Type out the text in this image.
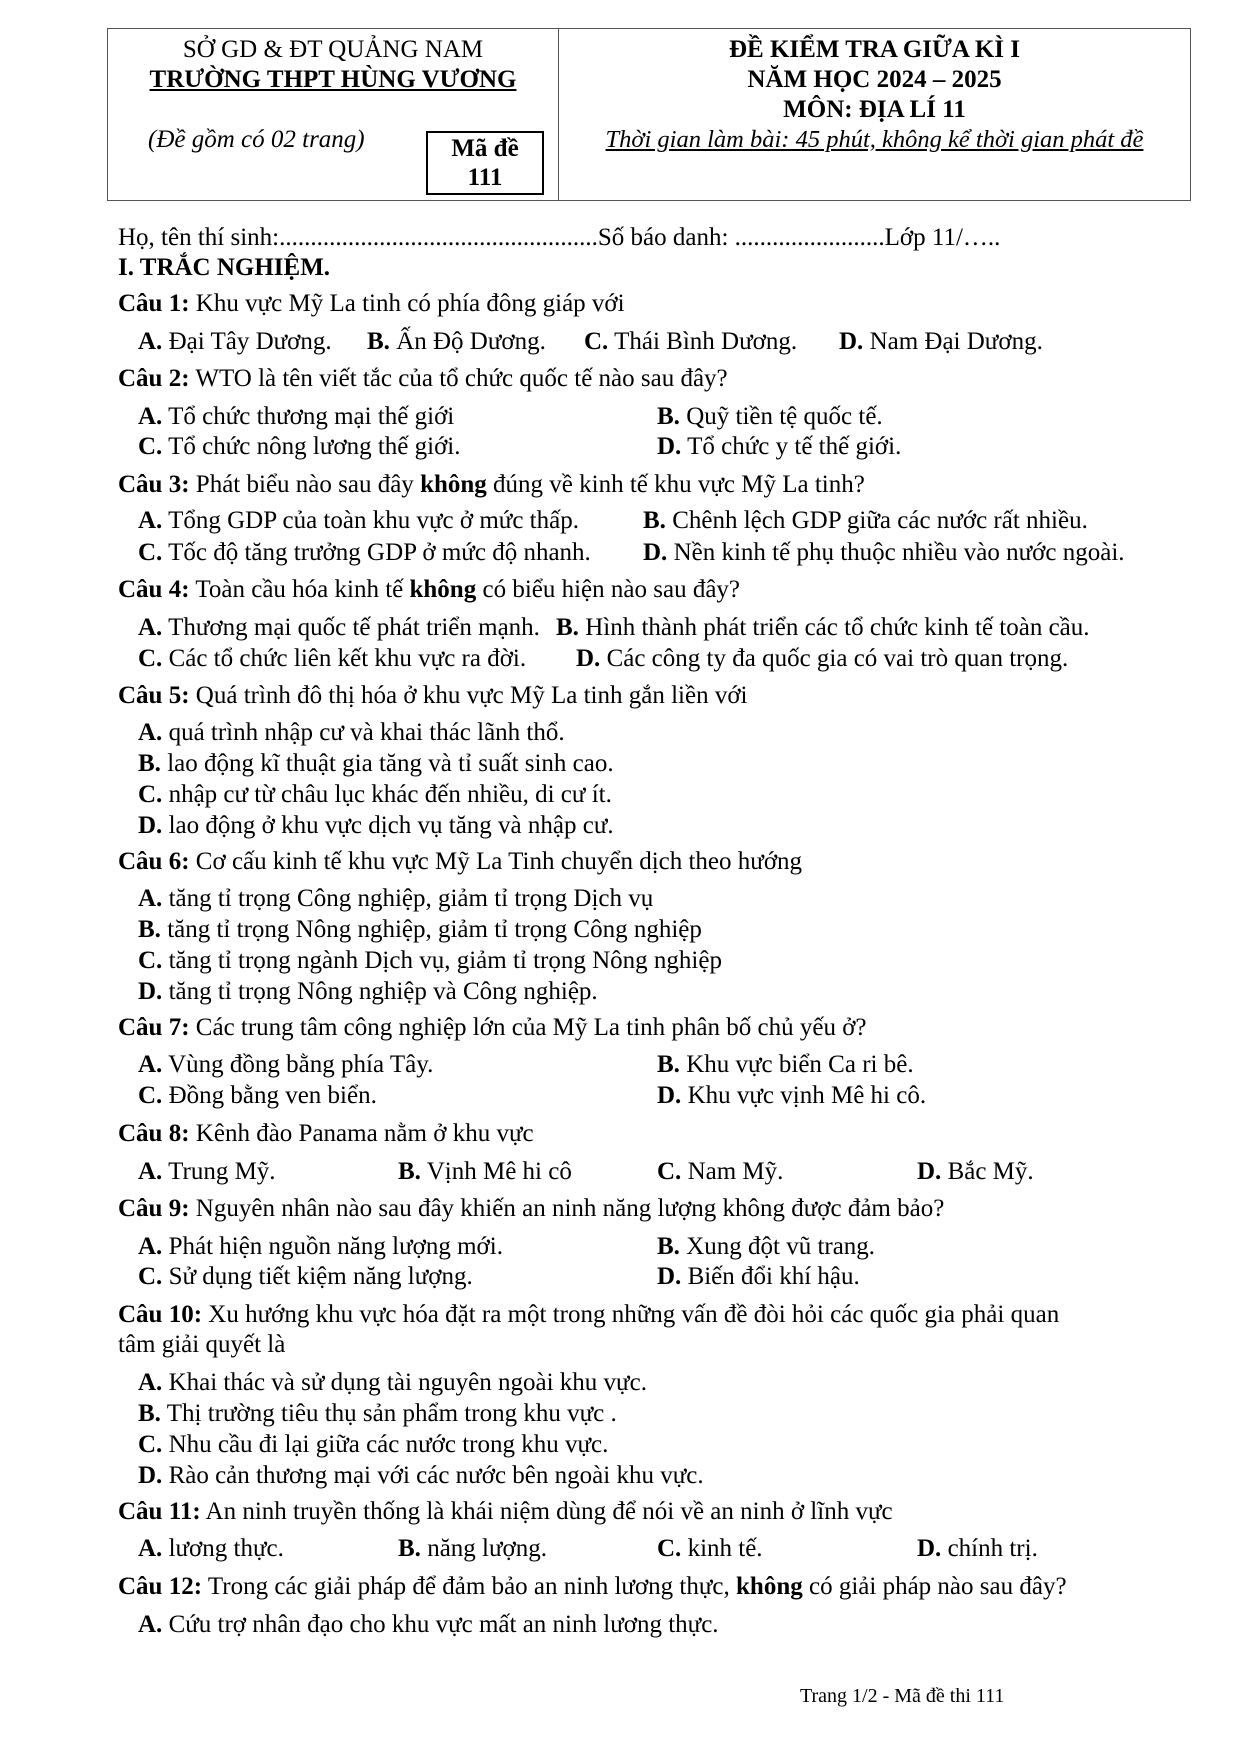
SỞ GD & ĐT QUẢNG NAM
TRƯỜNG THPT HÙNG VƯƠNG
(Đề gồm có 02 trang)	Mã đề
111
ĐỀ KIỂM TRA GIỮA KÌ I
NĂM HỌC 2024 – 2025
MÔN: ĐỊA LÍ 11
Thời gian làm bài: 45 phút, không kể thời gian phát đề
Họ, tên thí sinh:...................................................Số báo danh: ........................Lớp 11/…..
I. TRẮC NGHIỆM.
Câu 1: Khu vực Mỹ La tinh có phía đông giáp với
A. Đại Tây Dương. B. Ấn Độ Dương. C. Thái Bình Dương. D. Nam Đại Dương.
Câu 2: WTO là tên viết tắc của tổ chức quốc tế nào sau đây?
A. Tổ chức thương mại thế giới	B. Quỹ tiền tệ quốc tế.
C. Tổ chức nông lương thế giới.	D. Tổ chức y tế thế giới.
Câu 3: Phát biểu nào sau đây không đúng về kinh tế khu vực Mỹ La tinh?
A. Tổng GDP của toàn khu vực ở mức thấp.	B. Chênh lệch GDP giữa các nước rất nhiều.
C. Tốc độ tăng trưởng GDP ở mức độ nhanh. D. Nền kinh tế phụ thuộc nhiều vào nước ngoài.
Câu 4: Toàn cầu hóa kinh tế không có biểu hiện nào sau đây?
A. Thương mại quốc tế phát triển mạnh. B. Hình thành phát triển các tổ chức kinh tế toàn cầu.
C. Các tổ chức liên kết khu vực ra đời. D. Các công ty đa quốc gia có vai trò quan trọng.
Câu 5: Quá trình đô thị hóa ở khu vực Mỹ La tinh gắn liền với
A. quá trình nhập cư và khai thác lãnh thổ.
B. lao động kĩ thuật gia tăng và tỉ suất sinh cao.
C. nhập cư từ châu lục khác đến nhiều, di cư ít.
D. lao động ở khu vực dịch vụ tăng và nhập cư.
Câu 6: Cơ cấu kinh tế khu vực Mỹ La Tinh chuyển dịch theo hướng
A. tăng tỉ trọng Công nghiệp, giảm tỉ trọng Dịch vụ
B. tăng tỉ trọng Nông nghiệp, giảm tỉ trọng Công nghiệp
C. tăng tỉ trọng ngành Dịch vụ, giảm tỉ trọng Nông nghiệp
D. tăng tỉ trọng Nông nghiệp và Công nghiệp.
Câu 7: Các trung tâm công nghiệp lớn của Mỹ La tinh phân bố chủ yếu ở?
A. Vùng đồng bằng phía Tây.	B. Khu vực biển Ca ri bê.
C. Đồng bằng ven biển.	D. Khu vực vịnh Mê hi cô.
Câu 8: Kênh đào Panama nằm ở khu vực
A. Trung Mỹ.	B. Vịnh Mê hi cô	C. Nam Mỹ.	D. Bắc Mỹ.
Câu 9: Nguyên nhân nào sau đây khiến an ninh năng lượng không được đảm bảo?
A. Phát hiện nguồn năng lượng mới.	B. Xung đột vũ trang.
C. Sử dụng tiết kiệm năng lượng.	D. Biến đổi khí hậu.
Câu 10: Xu hướng khu vực hóa đặt ra một trong những vấn đề đòi hỏi các quốc gia phải quan
tâm giải quyết là
A. Khai thác và sử dụng tài nguyên ngoài khu vực.
B. Thị trường tiêu thụ sản phẩm trong khu vực .
C. Nhu cầu đi lại giữa các nước trong khu vực.
D. Rào cản thương mại với các nước bên ngoài khu vực.
Câu 11: An ninh truyền thống là khái niệm dùng để nói về an ninh ở lĩnh vực
A. lương thực.	B. năng lượng.	C. kinh tế.	D. chính trị.
Câu 12: Trong các giải pháp để đảm bảo an ninh lương thực, không có giải pháp nào sau đây?
A. Cứu trợ nhân đạo cho khu vực mất an ninh lương thực.
Trang 1/2 - Mã đề thi 111
